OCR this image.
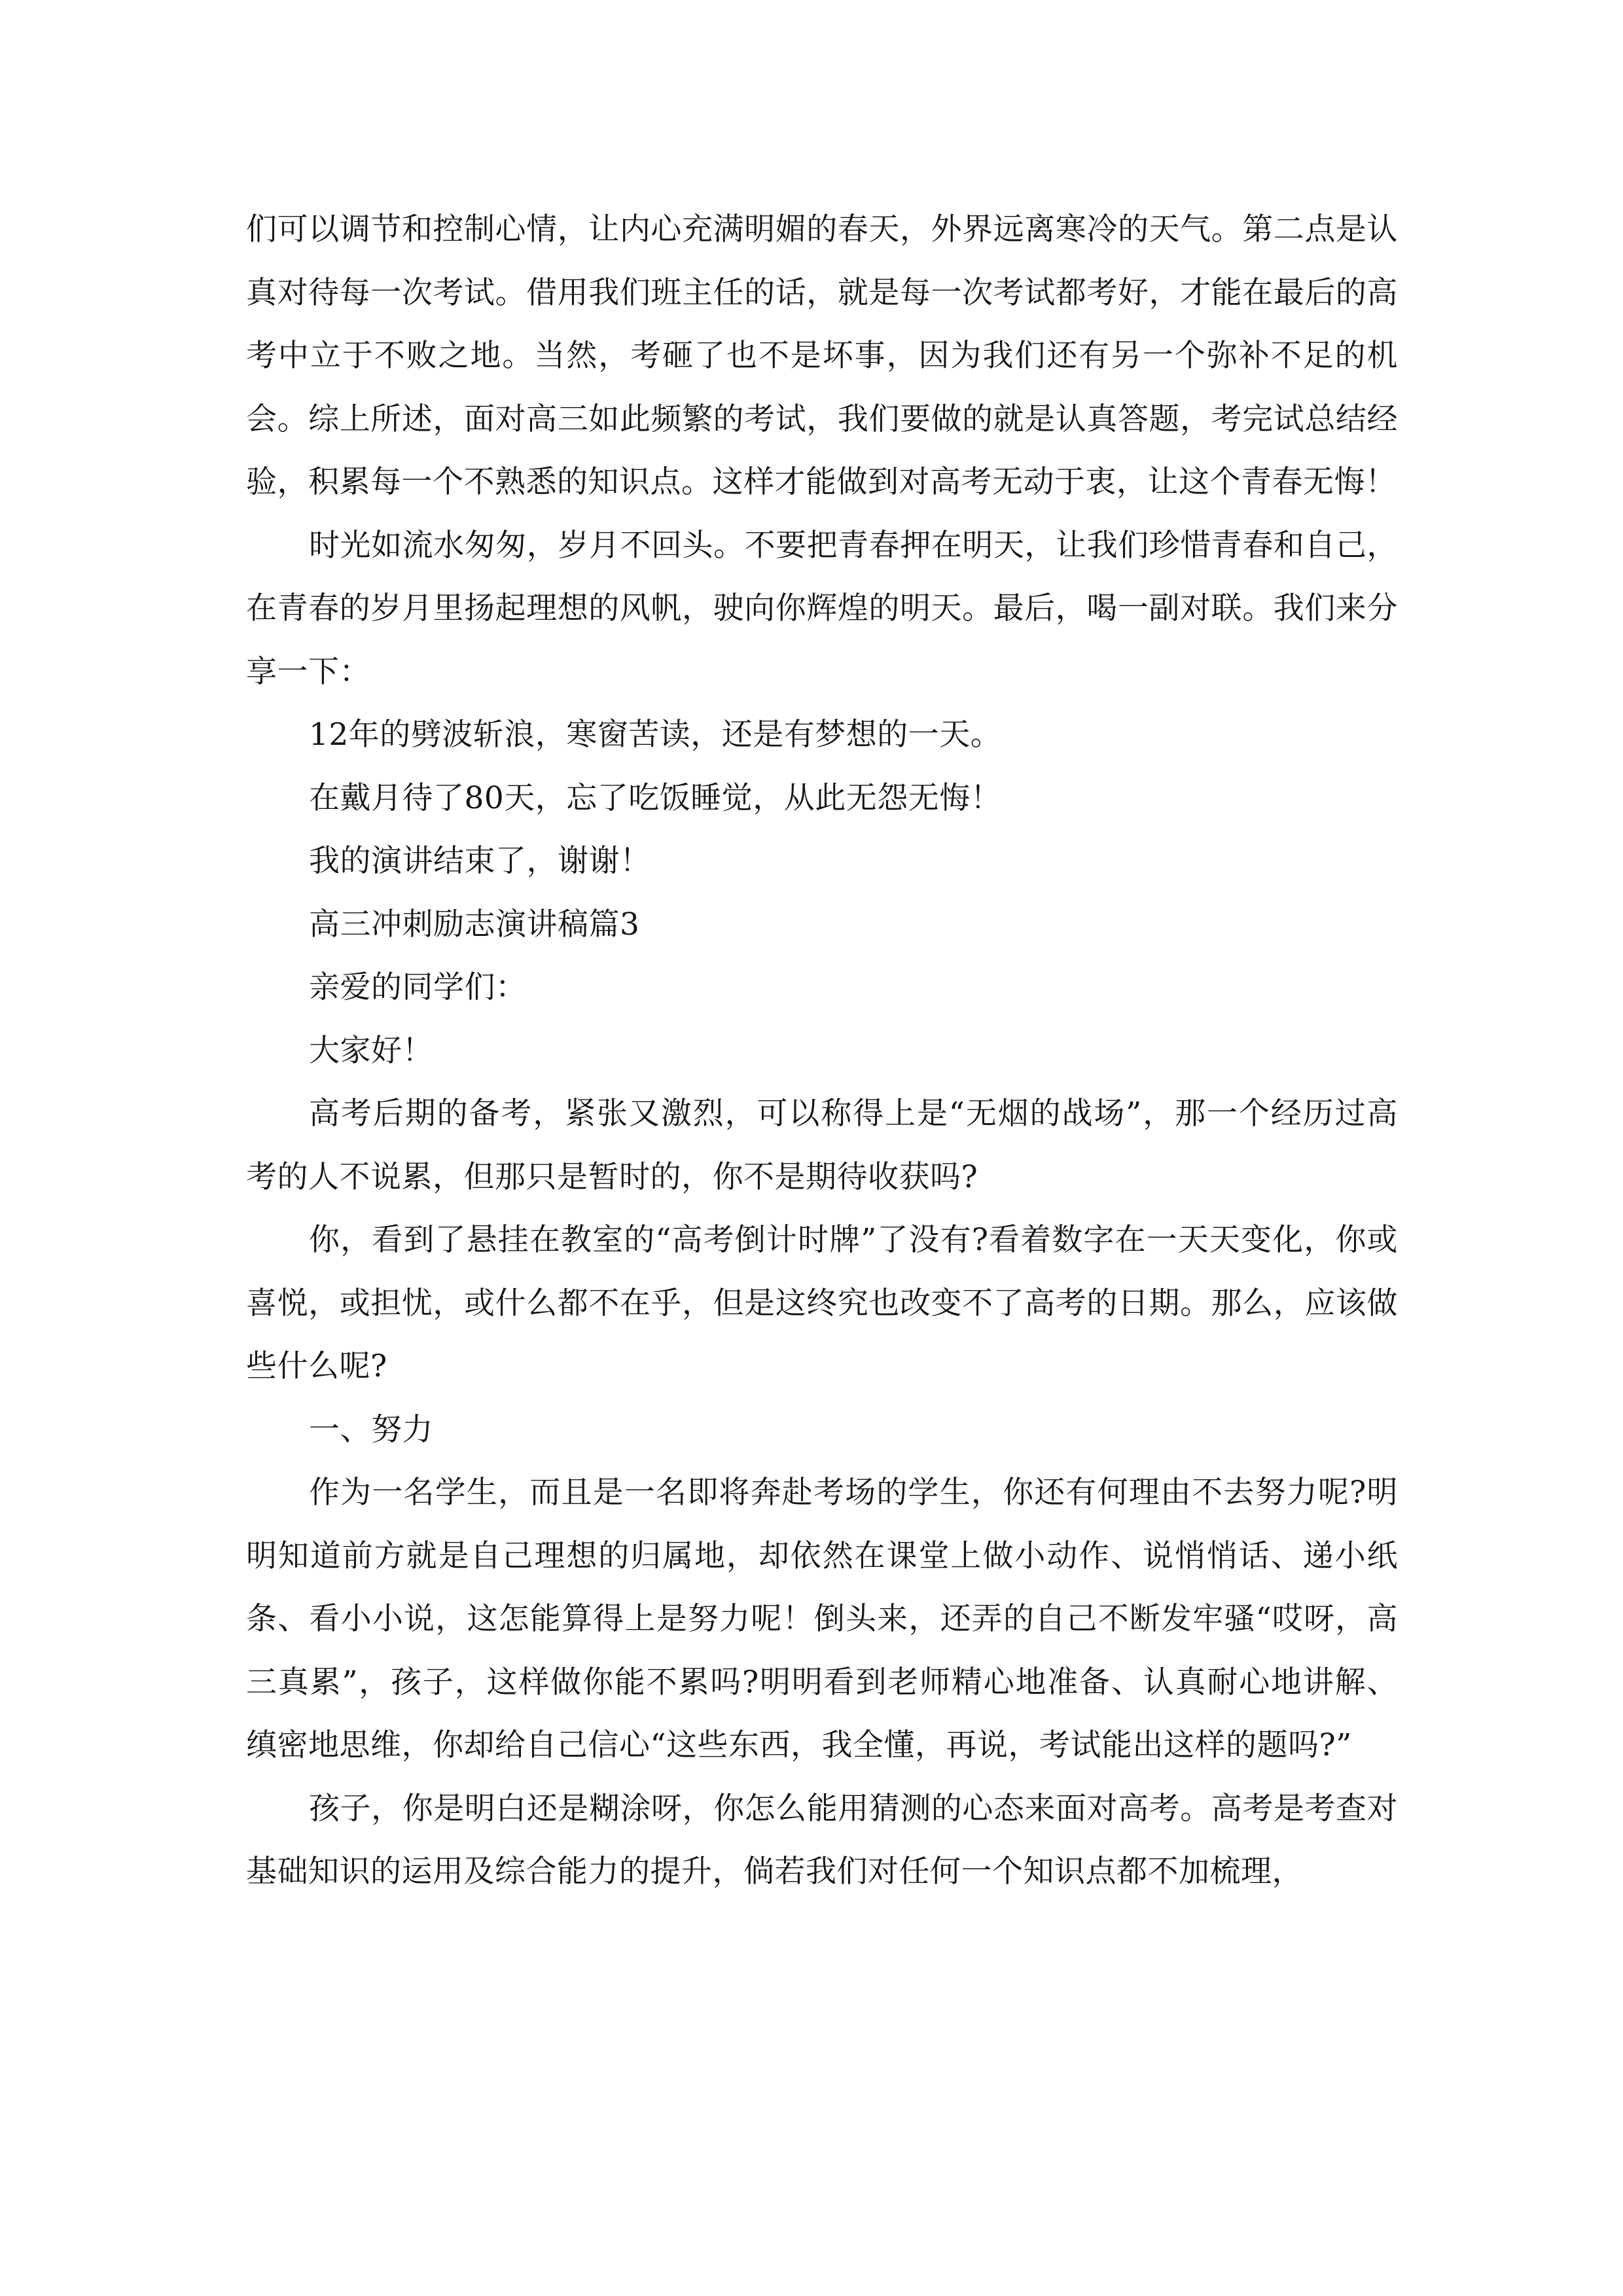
们可以调节和控制心情，让内心充满明媚的春天，外界远离寒冷的天气。第二点是认真对待每一次考试。借用我们班主任的话，就是每一次考试都考好，才能在最后的高考中立于不败之地。当然，考砸了也不是坏事，因为我们还有另一个弥补不足的机会。综上所述，面对高三如此频繁的考试，我们要做的就是认真答题，考完试总结经验，积累每一个不熟悉的知识点。这样才能做到对高考无动于衷，让这个青春无悔！

时光如流水匆匆，岁月不回头。不要把青春押在明天，让我们珍惜青春和自己，在青春的岁月里扬起理想的风帆，驶向你辉煌的明天。最后，喝一副对联。我们来分享一下：

12年的劈波斩浪，寒窗苦读，还是有梦想的一天。

在戴月待了80天，忘了吃饭睡觉，从此无怨无悔！

我的演讲结束了，谢谢！

高三冲刺励志演讲稿篇3

亲爱的同学们：

大家好！

高考后期的备考，紧张又激烈，可以称得上是“无烟的战场”，那一个经历过高考的人不说累，但那只是暂时的，你不是期待收获吗?

你，看到了悬挂在教室的“高考倒计时牌”了没有?看着数字在一天天变化，你或喜悦，或担忧，或什么都不在乎，但是这终究也改变不了高考的日期。那么，应该做些什么呢?

一、努力

作为一名学生，而且是一名即将奔赴考场的学生，你还有何理由不去努力呢?明明知道前方就是自己理想的归属地，却依然在课堂上做小动作、说悄悄话、递小纸条、看小小说，这怎能算得上是努力呢！倒头来，还弄的自己不断发牢骚“哎呀，高三真累”，孩子，这样做你能不累吗?明明看到老师精心地准备、认真耐心地讲解、缜密地思维，你却给自己信心“这些东西，我全懂，再说，考试能出这样的题吗?”

孩子，你是明白还是糊涂呀，你怎么能用猜测的心态来面对高考。高考是考查对基础知识的运用及综合能力的提升，倘若我们对任何一个知识点都不加梳理，
